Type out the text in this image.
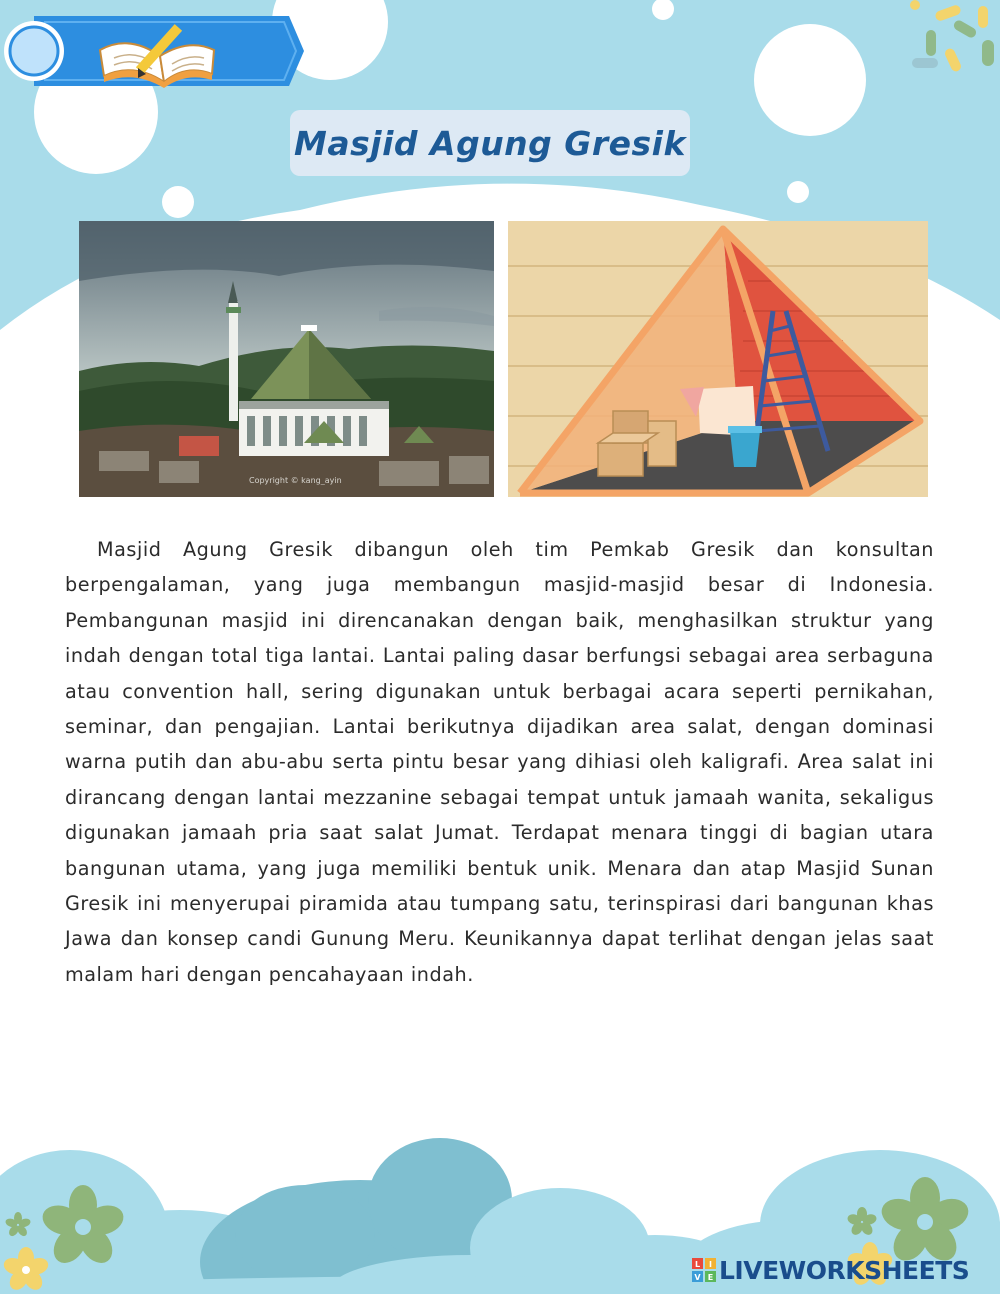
Masjid Agung Gresik
Copyright © kang_ayin

Masjid Agung Gresik dibangun oleh tim Pemkab Gresik dan konsultan berpengalaman, yang juga membangun masjid-masjid besar di Indonesia. Pembangunan masjid ini direncanakan dengan baik, menghasilkan struktur yang indah dengan total tiga lantai. Lantai paling dasar berfungsi sebagai area serbaguna atau convention hall, sering digunakan untuk berbagai acara seperti pernikahan, seminar, dan pengajian. Lantai berikutnya dijadikan area salat, dengan dominasi warna putih dan abu-abu serta pintu besar yang dihiasi oleh kaligrafi. Area salat ini dirancang dengan lantai mezzanine sebagai tempat untuk jamaah wanita, sekaligus digunakan jamaah pria saat salat Jumat. Terdapat menara tinggi di bagian utara bangunan utama, yang juga memiliki bentuk unik. Menara dan atap Masjid Sunan Gresik ini menyerupai piramida atau tumpang satu, terinspirasi dari bangunan khas Jawa dan konsep candi Gunung Meru. Keunikannya dapat terlihat dengan jelas saat malam hari dengan pencahayaan indah.

L I
V E LIVEWORKSHEETS
